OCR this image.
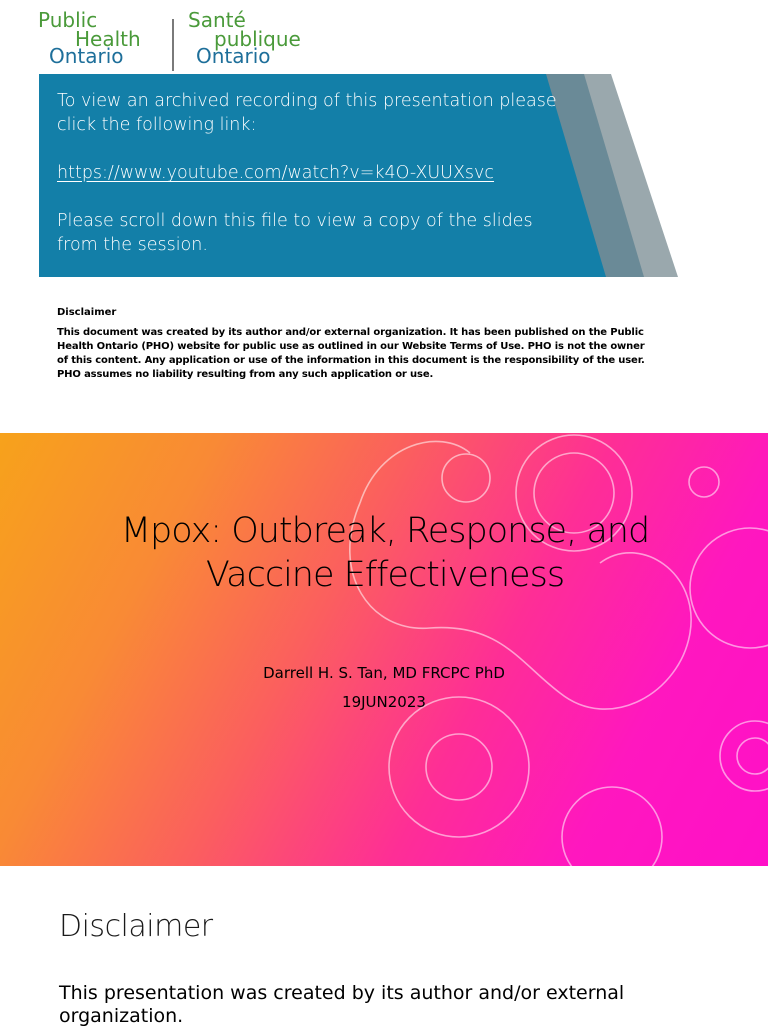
Public
Health
Ontario
Santé
publique
Ontario

To view an archived recording of this presentation please click the following link:

https://www.youtube.com/watch?v=k4O-XUUXsvc

Please scroll down this file to view a copy of the slides from the session.

Disclaimer
This document was created by its author and/or external organization. It has been published on the Public Health Ontario (PHO) website for public use as outlined in our Website Terms of Use. PHO is not the owner of this content. Any application or use of the information in this document is the responsibility of the user. PHO assumes no liability resulting from any such application or use.
Mpox: Outbreak, Response, and Vaccine Effectiveness
Darrell H. S. Tan, MD FRCPC PhD
19JUN2023
Disclaimer
This presentation was created by its author and/or external organization.
